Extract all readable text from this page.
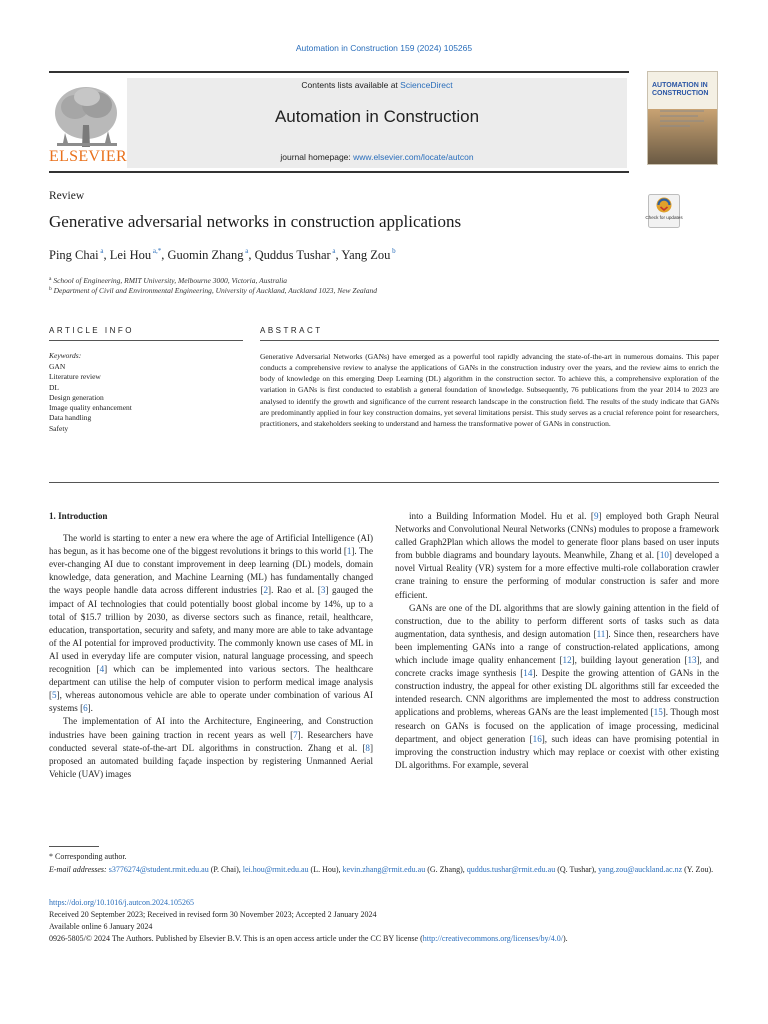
Automation in Construction 159 (2024) 105265
ELSEVIER
Contents lists available at ScienceDirect
Automation in Construction
journal homepage: www.elsevier.com/locate/autcon
AUTOMATION IN CONSTRUCTION
Review
Generative adversarial networks in construction applications	Check for updates
Ping Chai $^a$, Lei Hou $^{a,*}$, Guomin Zhang $^a$, Quddus Tushar $^a$, Yang Zou $^b$
$^a$ School of Engineering, RMIT University, Melbourne 3000, Victoria, Australia
$^b$ Department of Civil and Environmental Engineering, University of Auckland, Auckland 1023, New Zealand
ARTICLE INFO	ABSTRACT
Keywords:
GAN
Literature review
DL
Design generation
Image quality enhancement
Data handling
Safety
Generative Adversarial Networks (GANs) have emerged as a powerful tool rapidly advancing the state-of-the-art in numerous domains. This paper conducts a comprehensive review to analyse the applications of GANs in the construction industry over the years, and the review aims to enrich the body of knowledge on this emerging Deep Learning (DL) algorithm in the construction sector. To achieve this, a comprehensive exploration of the variation in GANs is first conducted to establish a general foundation of knowledge. Subsequently, 76 publications from the year 2014 to 2023 are analysed to identify the growth and significance of the current research landscape in the construction field. The results of the study indicate that GANs are predominantly applied in four key construction domains, yet several limitations persist. This study serves as a crucial reference point for researchers, practitioners, and stakeholders seeking to understand and harness the transformative power of GANs in construction.
1. Introduction
The world is starting to enter a new era where the age of Artificial Intelligence (AI) has begun, as it has become one of the biggest revolutions it brings to this world [1]. The ever-changing AI due to constant improvement in deep learning (DL) models, domain knowledge, data generation, and Machine Learning (ML) has fundamentally changed the ways people handle data across different industries [2]. Rao et al. [3] gauged the impact of AI technologies that could potentially boost global income by 14%, up to a total of $15.7 trillion by 2030, as diverse sectors such as finance, retail, healthcare, education, transportation, security and safety, and many more are able to take advantage of the AI potential for improved productivity. The commonly known use cases of ML in AI used in everyday life are computer vision, natural language processing, and speech recognition [4] which can be implemented into various sectors. The healthcare department can utilise the help of computer vision to perform medical image analysis [5], whereas autonomous vehicle are able to operate under combination of various AI systems [6].
The implementation of AI into the Architecture, Engineering, and Construction industries have been gaining traction in recent years as well [7]. Researchers have conducted several state-of-the-art DL algorithms in construction. Zhang et al. [8] proposed an automated building façade inspection by registering Unmanned Aerial Vehicle (UAV) images
into a Building Information Model. Hu et al. [9] employed both Graph Neural Networks and Convolutional Neural Networks (CNNs) modules to propose a framework called Graph2Plan which allows the model to generate floor plans based on user inputs from bubble diagrams and boundary layouts. Meanwhile, Zhang et al. [10] developed a novel Virtual Reality (VR) system for a more effective multi-role collaboration crawler crane training to ensure the performing of modular construction is safer and more efficient.
GANs are one of the DL algorithms that are slowly gaining attention in the field of construction, due to the ability to perform different sorts of tasks such as data augmentation, data synthesis, and design automation [11]. Since then, researchers have been implementing GANs into a range of construction-related applications, among which include image quality enhancement [12], building layout generation [13], and concrete cracks image synthesis [14]. Despite the growing attention of GANs in the construction industry, the appeal for other existing DL algorithms still far exceeded the intended research. CNN algorithms are implemented the most to address construction applications and problems, whereas GANs are the least implemented [15]. Though most research on GANs is focused on the application of image processing, medicinal department, and object generation [16], such ideas can have promising potential in improving the construction industry which may replace or coexist with other existing DL algorithms. For example, several
* Corresponding author.
E-mail addresses: s3776274@student.rmit.edu.au (P. Chai), lei.hou@rmit.edu.au (L. Hou), kevin.zhang@rmit.edu.au (G. Zhang), quddus.tushar@rmit.edu.au (Q. Tushar), yang.zou@auckland.ac.nz (Y. Zou).
https://doi.org/10.1016/j.autcon.2024.105265
Received 20 September 2023; Received in revised form 30 November 2023; Accepted 2 January 2024
Available online 6 January 2024
0926-5805/© 2024 The Authors. Published by Elsevier B.V. This is an open access article under the CC BY license (http://creativecommons.org/licenses/by/4.0/).
